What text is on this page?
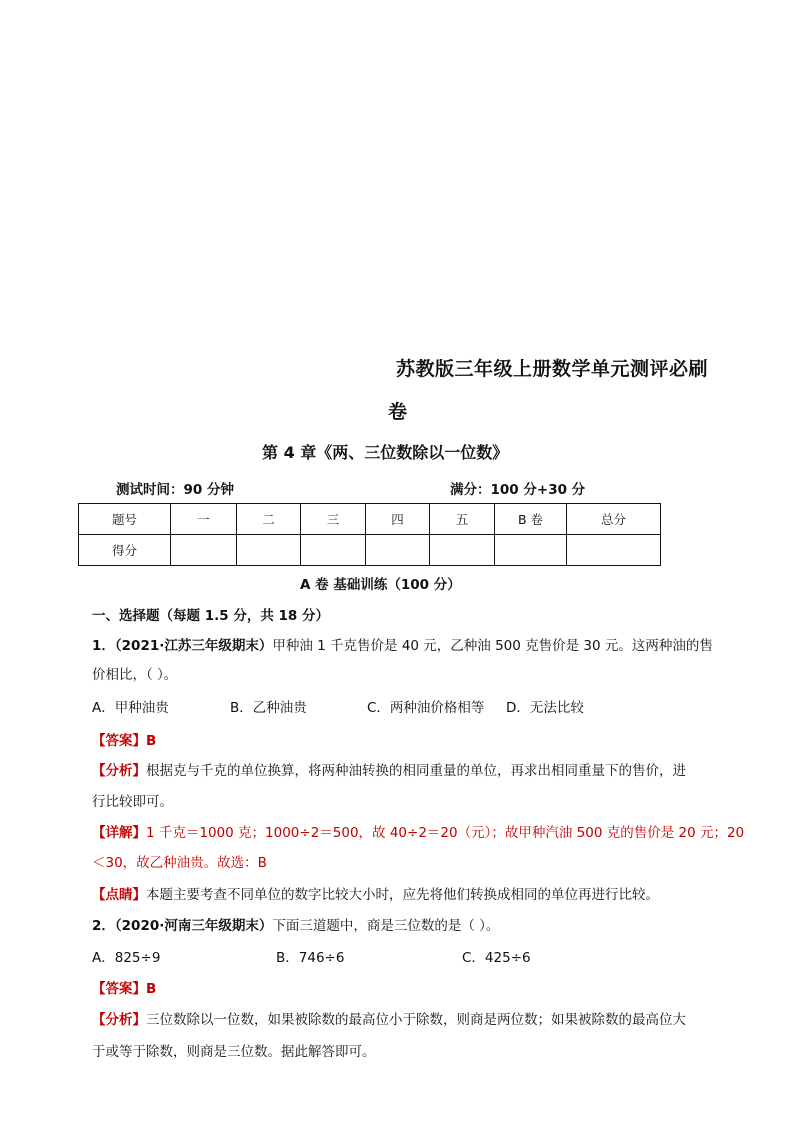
苏教版三年级上册数学单元测评必刷
卷
第 4 章《两、三位数除以一位数》
测试时间：90 分钟	满分：100 分+30 分
题号	一	二	三	四	五	B 卷	总分
得分							
A 卷 基础训练（100 分）
一、选择题（每题 1.5 分，共 18 分）
1．（2021·江苏三年级期末）甲种油 1 千克售价是 40 元，乙种油 500 克售价是 30 元。这两种油的售
价相比，（ ）。
A．甲种油贵	B．乙种油贵	C．两种油价格相等 D．无法比较
【答案】B
【分析】根据克与千克的单位换算，将两种油转换的相同重量的单位，再求出相同重量下的售价，进
行比较即可。
【详解】1 千克＝1000 克；1000÷2＝500，故 40÷2＝20（元）；故甲种汽油 500 克的售价是 20 元；20
＜30，故乙种油贵。故选：B
【点睛】本题主要考查不同单位的数字比较大小时，应先将他们转换成相同的单位再进行比较。
2．（2020·河南三年级期末）下面三道题中，商是三位数的是（ ）。
A．825÷9	B．746÷6	C．425÷6
【答案】B
【分析】三位数除以一位数，如果被除数的最高位小于除数，则商是两位数；如果被除数的最高位大
于或等于除数，则商是三位数。据此解答即可。
